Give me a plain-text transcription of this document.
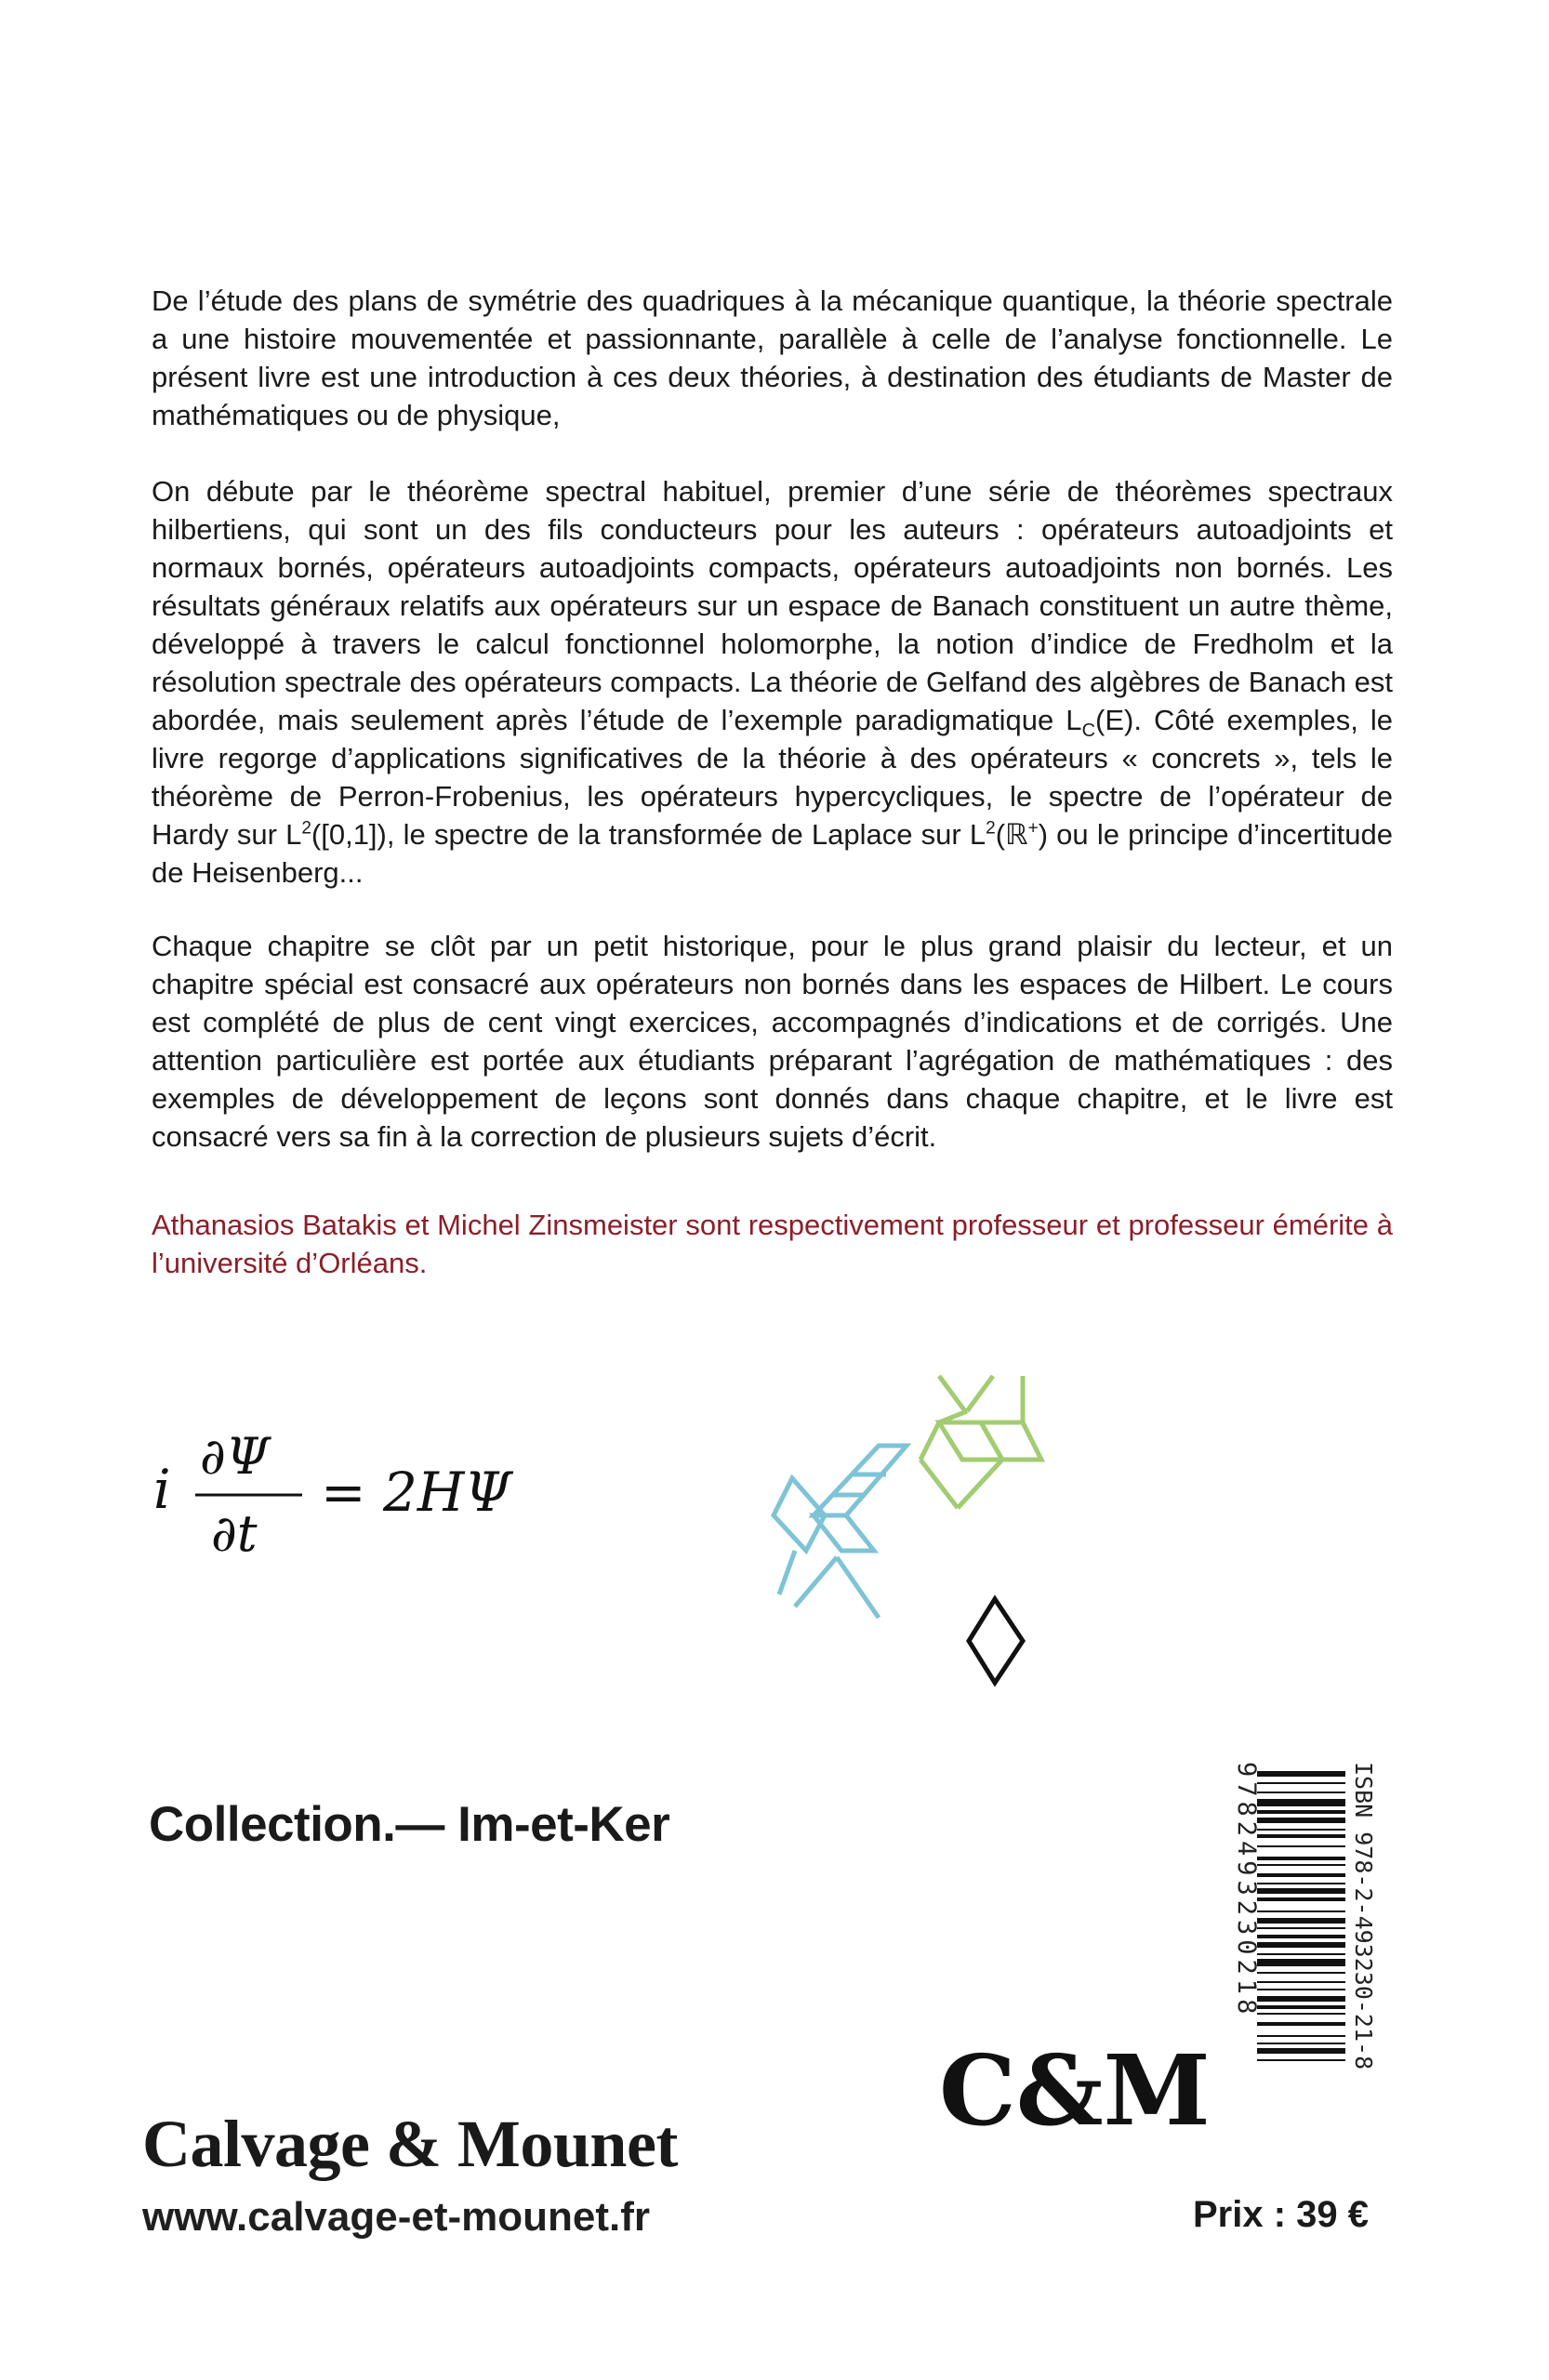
De l’étude des plans de symétrie des quadriques à la mécanique quantique, la théorie spectrale a une histoire mouvementée et passionnante, parallèle à celle de l’analyse fonctionnelle. Le présent livre est une introduction à ces deux théories, à destination des étudiants de Master de mathématiques ou de physique,
On débute par le théorème spectral habituel, premier d’une série de théorèmes spectraux hilbertiens, qui sont un des fils conducteurs pour les auteurs : opérateurs autoadjoints et normaux bornés, opérateurs autoadjoints compacts, opérateurs autoadjoints non bornés. Les résultats généraux relatifs aux opérateurs sur un espace de Banach constituent un autre thème, développé à travers le calcul fonctionnel holomorphe, la notion d’indice de Fredholm et la résolution spectrale des opérateurs compacts. La théorie de Gelfand des algèbres de Banach est abordée, mais seulement après l’étude de l’exemple paradigmatique $L_C(E)$. Côté exemples, le livre regorge d’applications significatives de la théorie à des opérateurs « concrets », tels le théorème de Perron-Frobenius, les opérateurs hypercycliques, le spectre de l’opérateur de Hardy sur $L^2([0,1])$, le spectre de la transformée de Laplace sur $L^2(ℝ^+)$ ou le principe d’incertitude de Heisenberg...
Chaque chapitre se clôt par un petit historique, pour le plus grand plaisir du lecteur, et un chapitre spécial est consacré aux opérateurs non bornés dans les espaces de Hilbert. Le cours est complété de plus de cent vingt exercices, accompagnés d’indications et de corrigés. Une attention particulière est portée aux étudiants préparant l’agrégation de mathématiques : des exemples de développement de leçons sont donnés dans chaque chapitre, et le livre est consacré vers sa fin à la correction de plusieurs sujets d’écrit.
Athanasios Batakis et Michel Zinsmeister sont respectivement professeur et professeur émérite à l’université d’Orléans.
i
∂Ψ
∂t
= 2HΨ
Collection.— Im-et-Ker	ISBN 978-2-493230-21-8
9782493230218
C&M
Calvage & Mounet
www.calvage-et-mounet.fr	Prix : 39 €
